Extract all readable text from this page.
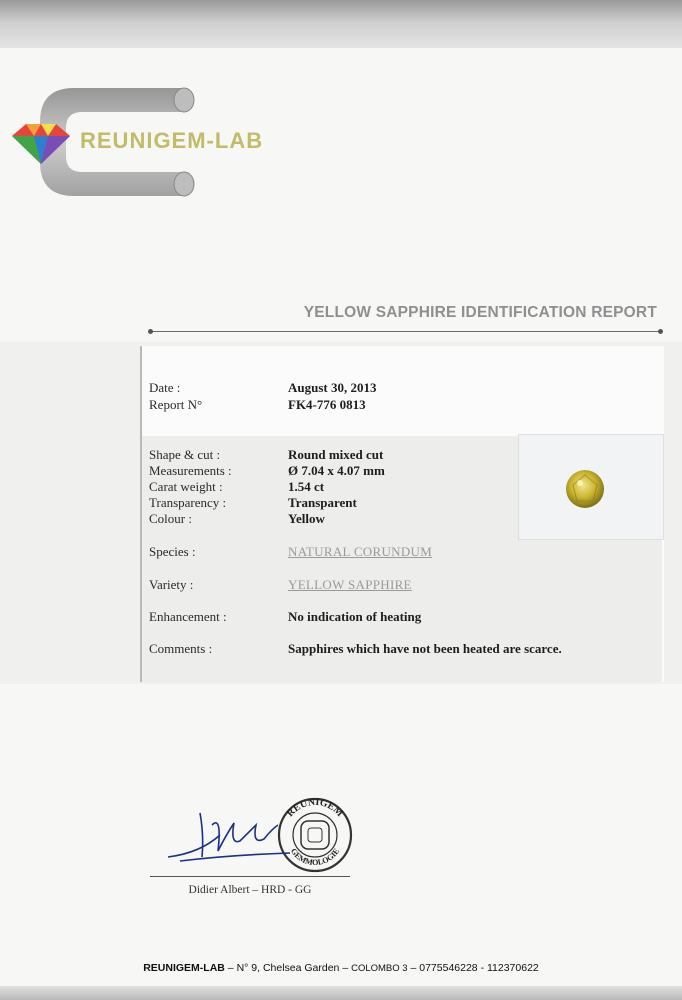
REUNIGEM-LAB
YELLOW SAPPHIRE IDENTIFICATION REPORT
Date :	August 30, 2013
Report N°	FK4-776 0813
Shape & cut :	Round mixed cut
Measurements :	Ø 7.04 x 4.07 mm
Carat weight :	1.54 ct
Transparency :	Transparent
Colour :	Yellow
Species :	NATURAL CORUNDUM
Variety :	YELLOW SAPPHIRE
Enhancement :	No indication of heating
Comments :	Sapphires which have not been heated are scarce.
REUNIGEM
GEMMOLOGIE
Didier Albert – HRD - GG
REUNIGEM-LAB – N° 9, Chelsea Garden – COLOMBO 3 – 0775546228 - 112370622
